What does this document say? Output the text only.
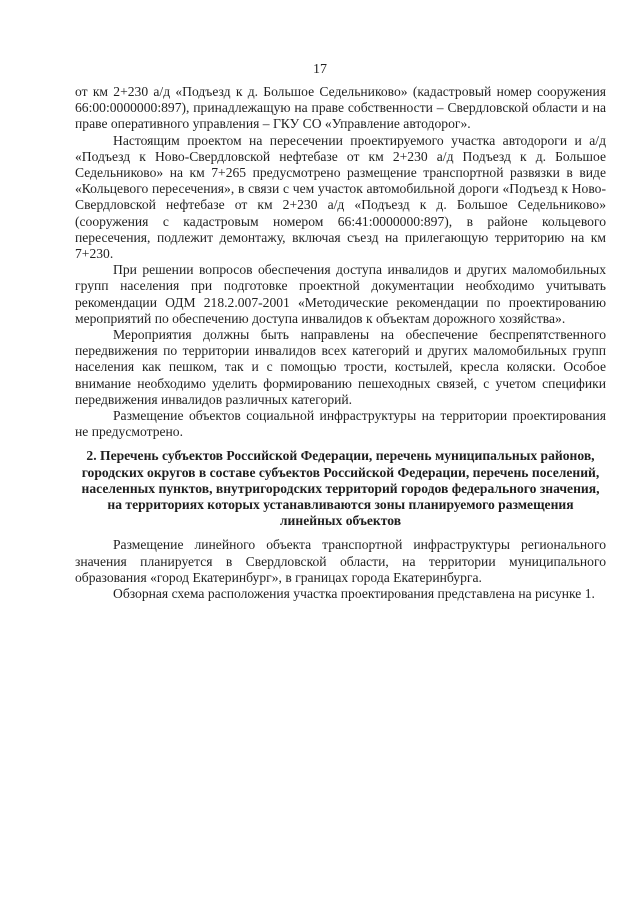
17

от км 2+230 а/д «Подъезд к д. Большое Седельниково» (кадастровый номер сооружения 66:00:0000000:897), принадлежащую на праве собственности – Свердловской области и на праве оперативного управления – ГКУ СО «Управление автодорог».

Настоящим проектом на пересечении проектируемого участка автодороги и а/д «Подъезд к Ново-Свердловской нефтебазе от км 2+230 а/д Подъезд к д. Большое Седельниково» на км 7+265 предусмотрено размещение транспортной развязки в виде «Кольцевого пересечения», в связи с чем участок автомобильной дороги «Подъезд к Ново-Свердловской нефтебазе от км 2+230 а/д «Подъезд к д. Большое Седельниково» (сооружения с кадастровым номером 66:41:0000000:897), в районе кольцевого пересечения, подлежит демонтажу, включая съезд на прилегающую территорию на км 7+230.

При решении вопросов обеспечения доступа инвалидов и других маломобильных групп населения при подготовке проектной документации необходимо учитывать рекомендации ОДМ 218.2.007-2001 «Методические рекомендации по проектированию мероприятий по обеспечению доступа инвалидов к объектам дорожного хозяйства».

Мероприятия должны быть направлены на обеспечение беспрепятственного передвижения по территории инвалидов всех категорий и других маломобильных групп населения как пешком, так и с помощью трости, костылей, кресла коляски. Особое внимание необходимо уделить формированию пешеходных связей, с учетом специфики передвижения инвалидов различных категорий.

Размещение объектов социальной инфраструктуры на территории проектирования не предусмотрено.

2. Перечень субъектов Российской Федерации, перечень муниципальных районов, городских округов в составе субъектов Российской Федерации, перечень поселений, населенных пунктов, внутригородских территорий городов федерального значения, на территориях которых устанавливаются зоны планируемого размещения линейных объектов

Размещение линейного объекта транспортной инфраструктуры регионального значения планируется в Свердловской области, на территории муниципального образования «город Екатеринбург», в границах города Екатеринбурга.

Обзорная схема расположения участка проектирования представлена на рисунке 1.
